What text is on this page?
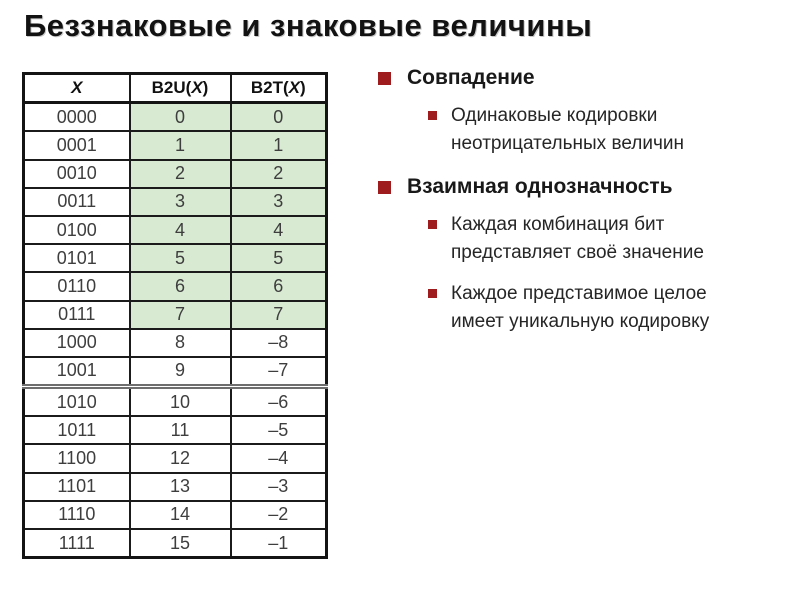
Беззнаковые и знаковые величины
X	B2U(X)	B2T(X)
0000	0	0
0001	1	1
0010	2	2
0011	3	3
0100	4	4
0101	5	5
0110	6	6
0111	7	7
1000	8	–8
1001	9	–7
1010	10	–6
1011	11	–5
1100	12	–4
1101	13	–3
1110	14	–2
1111	15	–1
Совпадение
Одинаковые кодировки неотрицательных величин
Взаимная однозначность
Каждая комбинация бит представляет своё значение
Каждое представимое целое имеет уникальную кодировку
